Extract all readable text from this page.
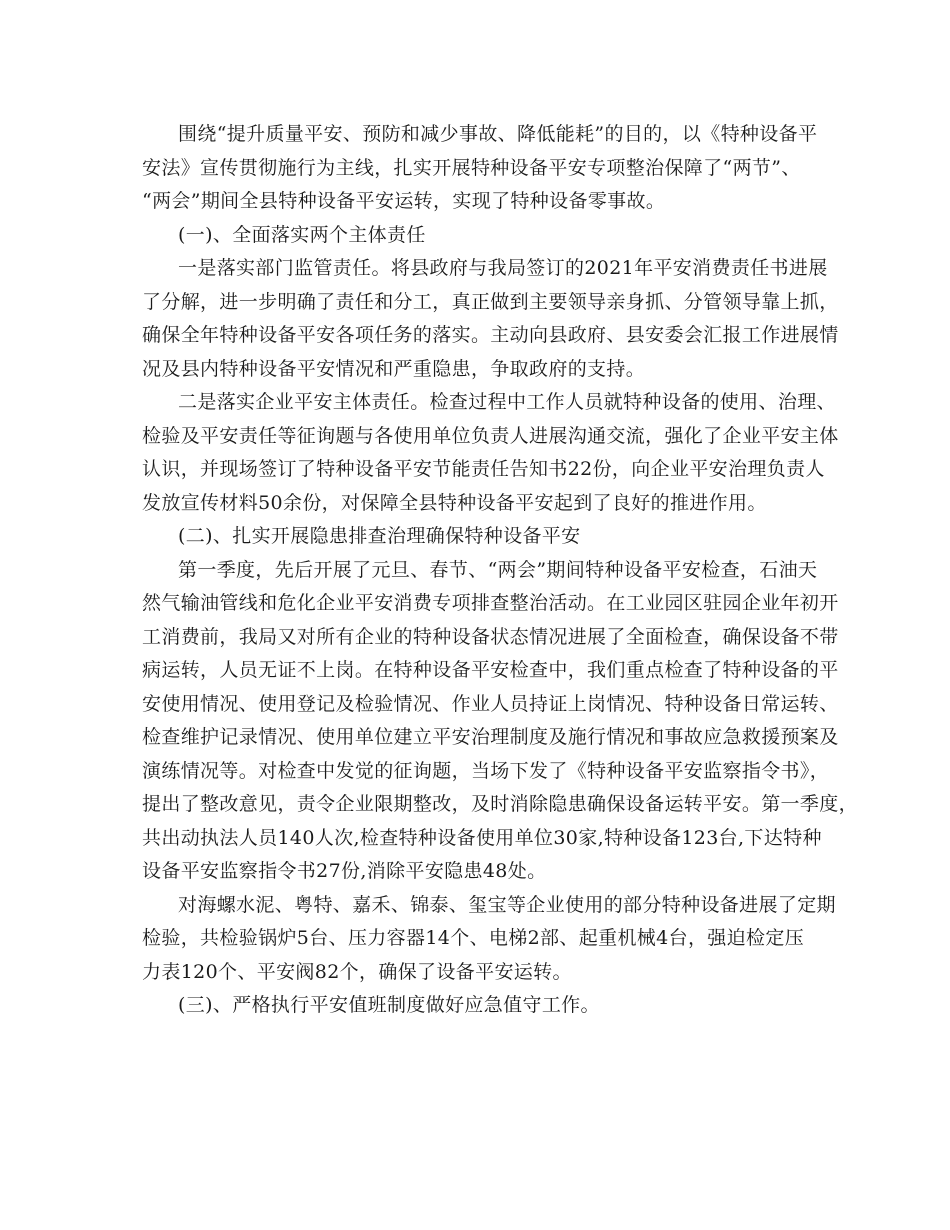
围绕“提升质量平安、预防和减少事故、降低能耗”的目的，以《特种设备平
安法》宣传贯彻施行为主线，扎实开展特种设备平安专项整治保障了“两节”、
“两会”期间全县特种设备平安运转，实现了特种设备零事故。
(一)、全面落实两个主体责任
一是落实部门监管责任。将县政府与我局签订的2021年平安消费责任书进展
了分解，进一步明确了责任和分工，真正做到主要领导亲身抓、分管领导靠上抓，
确保全年特种设备平安各项任务的落实。主动向县政府、县安委会汇报工作进展情
况及县内特种设备平安情况和严重隐患，争取政府的支持。
二是落实企业平安主体责任。检查过程中工作人员就特种设备的使用、治理、
检验及平安责任等征询题与各使用单位负责人进展沟通交流，强化了企业平安主体
认识，并现场签订了特种设备平安节能责任告知书22份，向企业平安治理负责人
发放宣传材料50余份，对保障全县特种设备平安起到了良好的推进作用。
(二)、扎实开展隐患排查治理确保特种设备平安
第一季度，先后开展了元旦、春节、“两会”期间特种设备平安检查，石油天
然气输油管线和危化企业平安消费专项排查整治活动。在工业园区驻园企业年初开
工消费前，我局又对所有企业的特种设备状态情况进展了全面检查，确保设备不带
病运转，人员无证不上岗。在特种设备平安检查中，我们重点检查了特种设备的平
安使用情况、使用登记及检验情况、作业人员持证上岗情况、特种设备日常运转、
检查维护记录情况、使用单位建立平安治理制度及施行情况和事故应急救援预案及
演练情况等。对检查中发觉的征询题，当场下发了《特种设备平安监察指令书》，
提出了整改意见，责令企业限期整改，及时消除隐患确保设备运转平安。第一季度，
共出动执法人员140人次,检查特种设备使用单位30家,特种设备123台,下达特种
设备平安监察指令书27份,消除平安隐患48处。
对海螺水泥、粤特、嘉禾、锦泰、玺宝等企业使用的部分特种设备进展了定期
检验，共检验锅炉5台、压力容器14个、电梯2部、起重机械4台，强迫检定压
力表120个、平安阀82个，确保了设备平安运转。
(三)、严格执行平安值班制度做好应急值守工作。
